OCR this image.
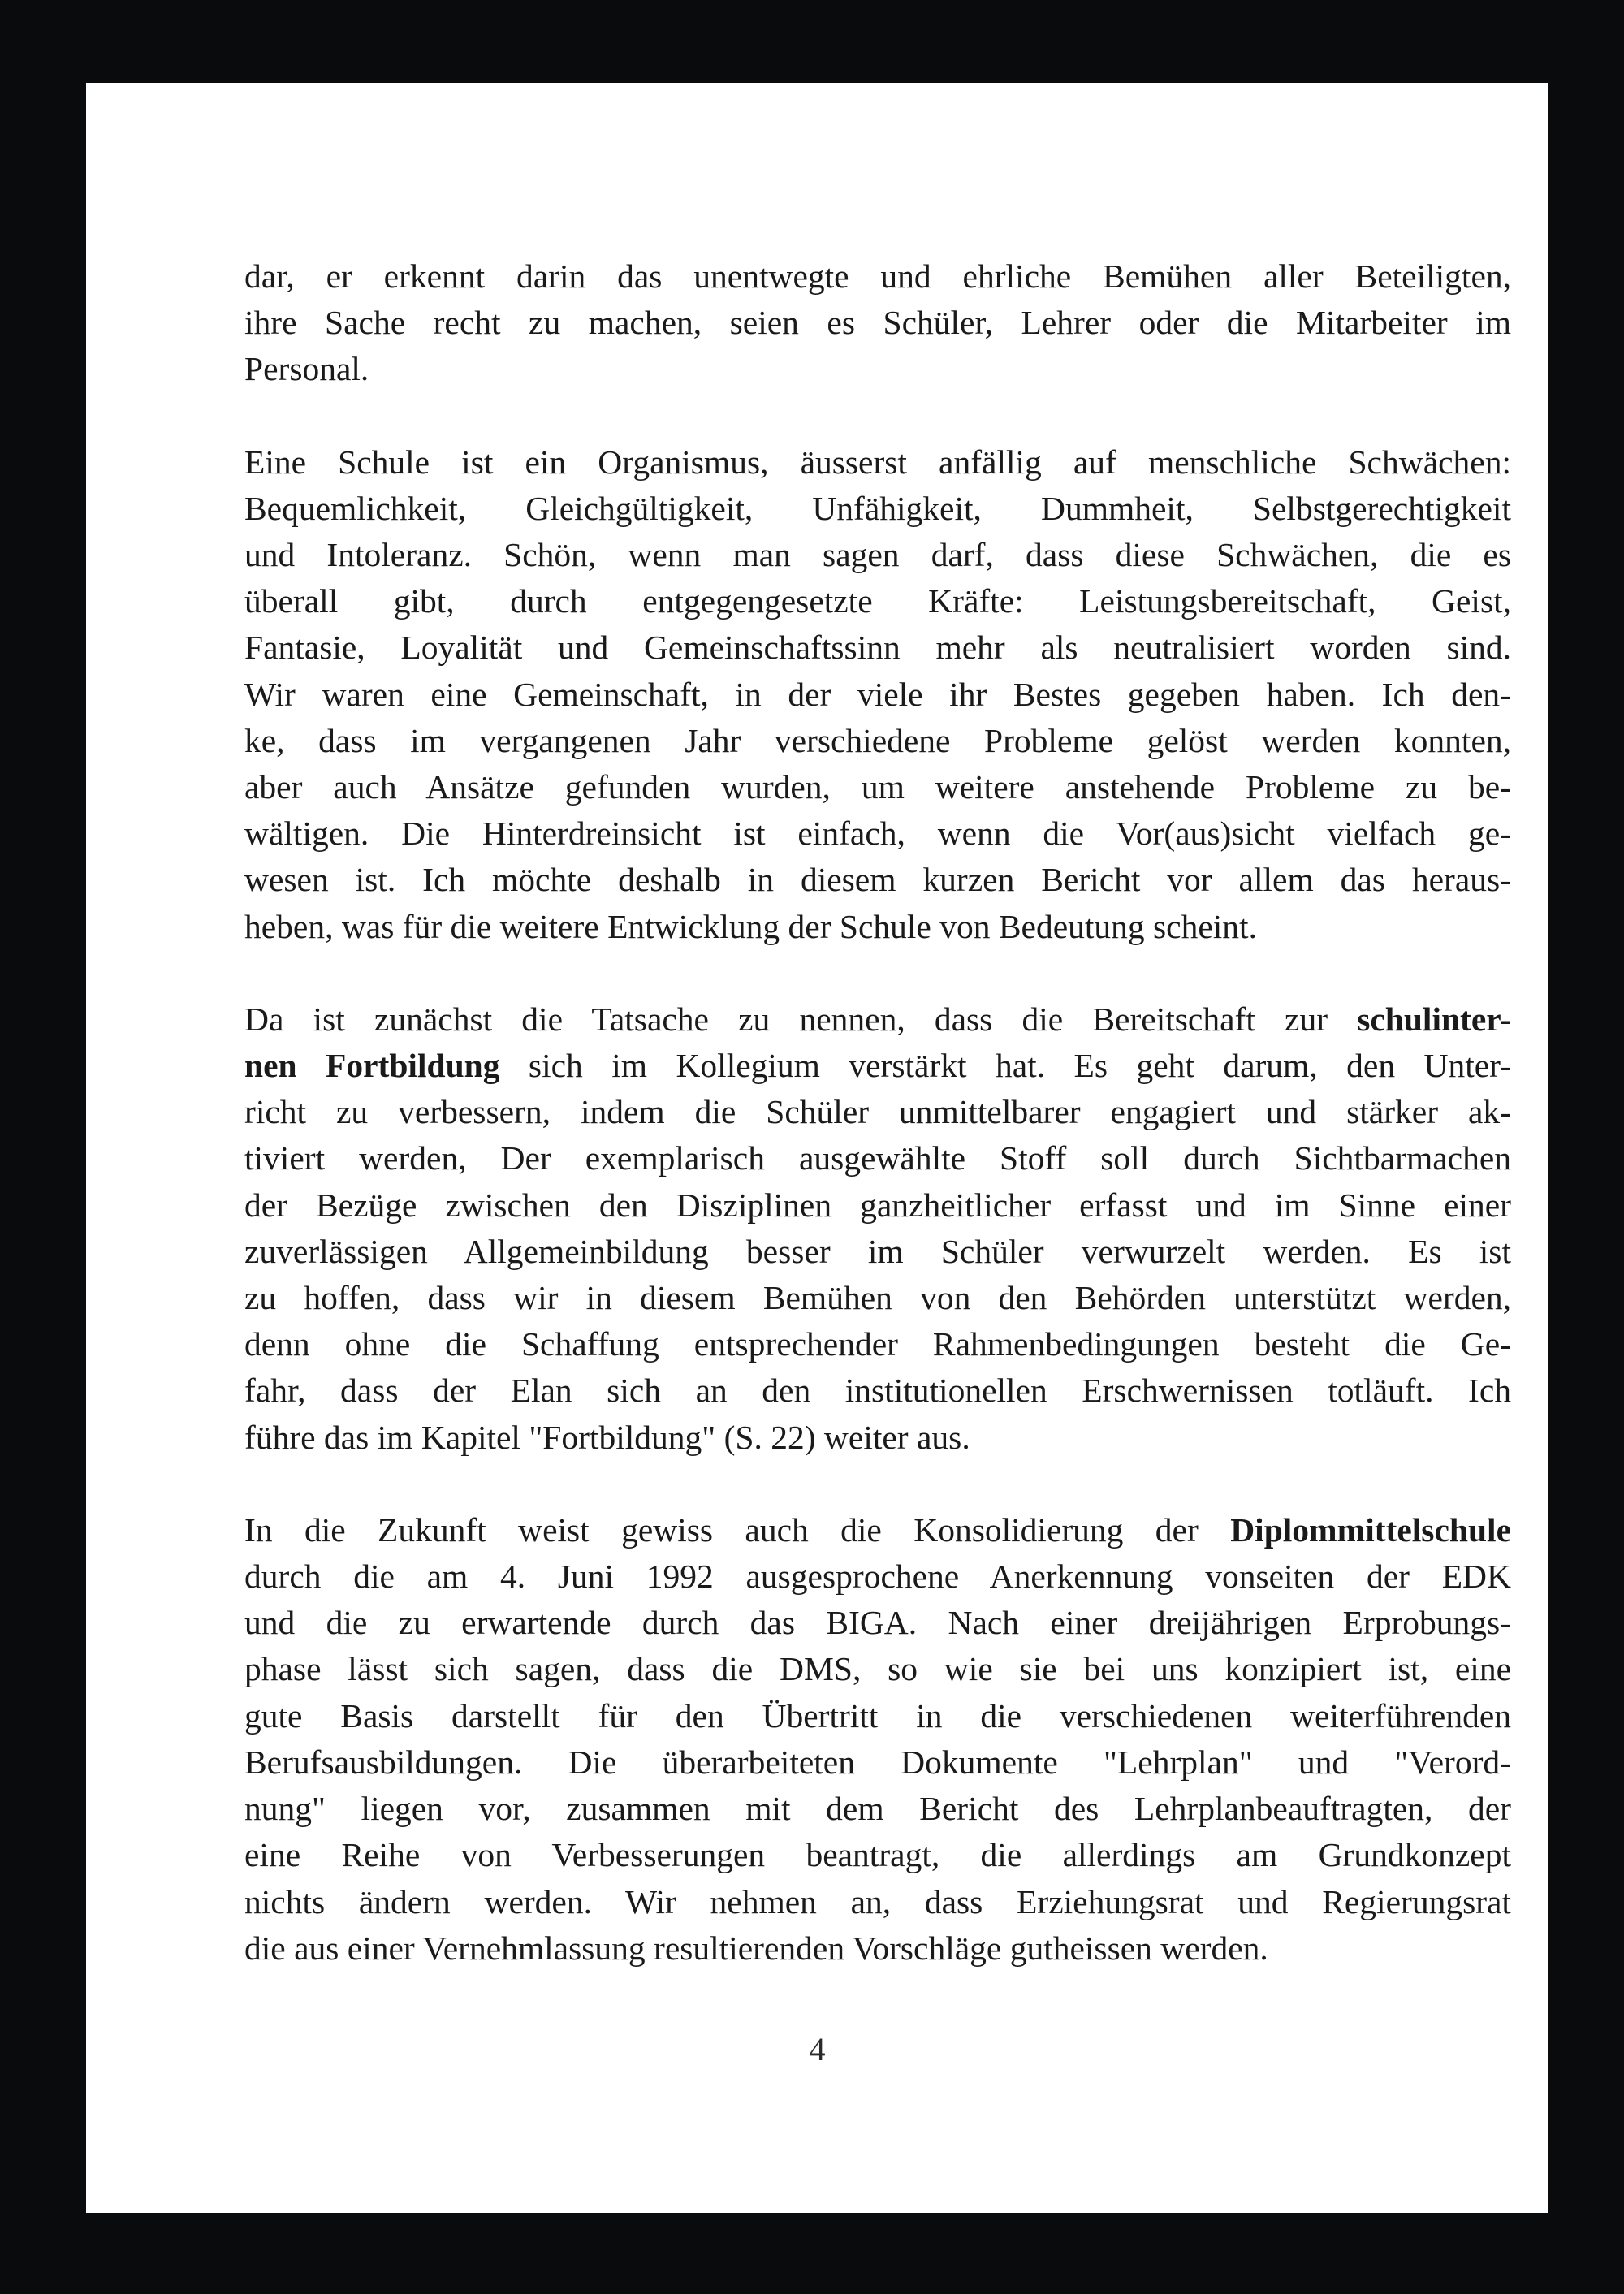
dar, er erkennt darin das unentwegte und ehrliche Bemühen aller Beteiligten,
ihre Sache recht zu machen, seien es Schüler, Lehrer oder die Mitarbeiter im
Personal.

Eine Schule ist ein Organismus, äusserst anfällig auf menschliche Schwächen:
Bequemlichkeit, Gleichgültigkeit, Unfähigkeit, Dummheit, Selbstgerechtigkeit
und Intoleranz. Schön, wenn man sagen darf, dass diese Schwächen, die es
überall gibt, durch entgegengesetzte Kräfte: Leistungsbereitschaft, Geist,
Fantasie, Loyalität und Gemeinschaftssinn mehr als neutralisiert worden sind.
Wir waren eine Gemeinschaft, in der viele ihr Bestes gegeben haben. Ich den-
ke, dass im vergangenen Jahr verschiedene Probleme gelöst werden konnten,
aber auch Ansätze gefunden wurden, um weitere anstehende Probleme zu be-
wältigen. Die Hinterdreinsicht ist einfach, wenn die Vor(aus)sicht vielfach ge-
wesen ist. Ich möchte deshalb in diesem kurzen Bericht vor allem das heraus-
heben, was für die weitere Entwicklung der Schule von Bedeutung scheint.

Da ist zunächst die Tatsache zu nennen, dass die Bereitschaft zur schulinter-
nen Fortbildung sich im Kollegium verstärkt hat. Es geht darum, den Unter-
richt zu verbessern, indem die Schüler unmittelbarer engagiert und stärker ak-
tiviert werden, Der exemplarisch ausgewählte Stoff soll durch Sichtbarmachen
der Bezüge zwischen den Disziplinen ganzheitlicher erfasst und im Sinne einer
zuverlässigen Allgemeinbildung besser im Schüler verwurzelt werden. Es ist
zu hoffen, dass wir in diesem Bemühen von den Behörden unterstützt werden,
denn ohne die Schaffung entsprechender Rahmenbedingungen besteht die Ge-
fahr, dass der Elan sich an den institutionellen Erschwernissen totläuft. Ich
führe das im Kapitel "Fortbildung" (S. 22) weiter aus.

In die Zukunft weist gewiss auch die Konsolidierung der Diplommittelschule
durch die am 4. Juni 1992 ausgesprochene Anerkennung vonseiten der EDK
und die zu erwartende durch das BIGA. Nach einer dreijährigen Erprobungs-
phase lässt sich sagen, dass die DMS, so wie sie bei uns konzipiert ist, eine
gute Basis darstellt für den Übertritt in die verschiedenen weiterführenden
Berufsausbildungen. Die überarbeiteten Dokumente "Lehrplan" und "Verord-
nung" liegen vor, zusammen mit dem Bericht des Lehrplanbeauftragten, der
eine Reihe von Verbesserungen beantragt, die allerdings am Grundkonzept
nichts ändern werden. Wir nehmen an, dass Erziehungsrat und Regierungsrat
die aus einer Vernehmlassung resultierenden Vorschläge gutheissen werden.

4
